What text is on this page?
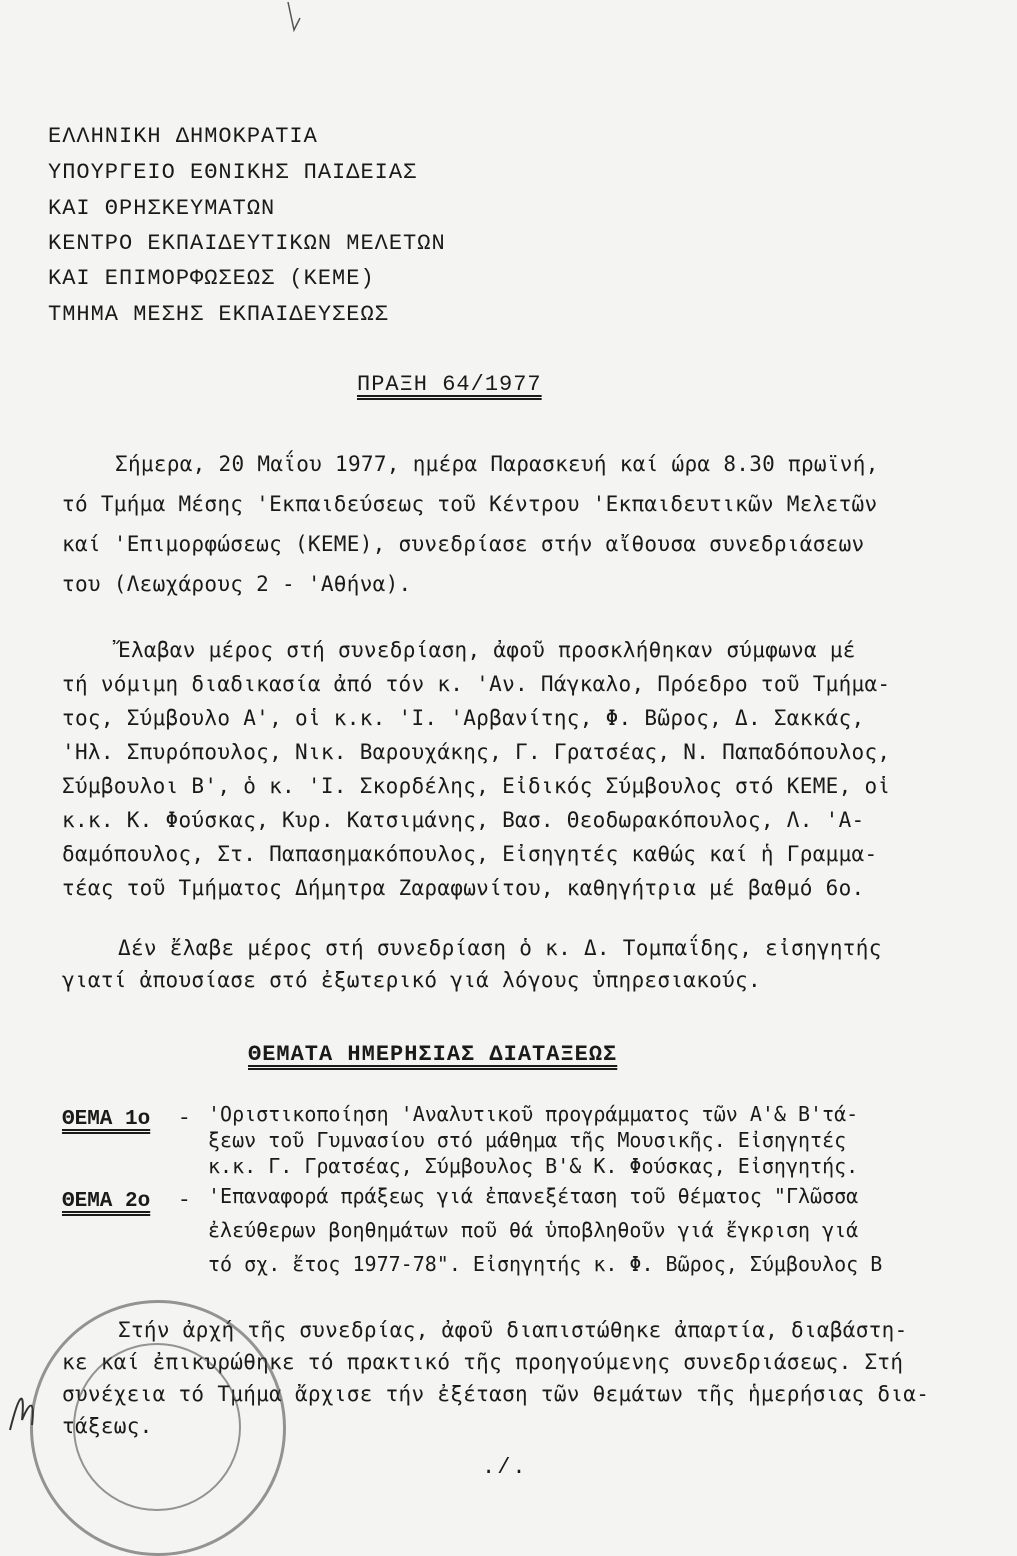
ΕΛΛΗΝΙΚΗ ΔΗΜΟΚΡΑΤΙΑ
ΥΠΟΥΡΓΕΙΟ ΕΘΝΙΚΗΣ ΠΑΙΔΕΙΑΣ
ΚΑΙ ΘΡΗΣΚΕΥΜΑΤΩΝ
ΚΕΝΤΡΟ ΕΚΠΑΙΔΕΥΤΙΚΩΝ ΜΕΛΕΤΩΝ
ΚΑΙ ΕΠΙΜΟΡΦΩΣΕΩΣ (ΚΕΜΕ)
ΤΜΗΜΑ ΜΕΣΗΣ ΕΚΠΑΙΔΕΥΣΕΩΣ
ΠΡΑΞΗ 64/1977
Σήμερα, 20 Μαΐου 1977, ημέρα Παρασκευή καί ώρα 8.30 πρωϊνή,
τό Τμήμα Μέσης 'Εκπαιδεύσεως τοῦ Κέντρου 'Εκπαιδευτικῶν Μελετῶν
καί 'Επιμορφώσεως (ΚΕΜΕ), συνεδρίασε στήν αἴθουσα συνεδριάσεων
του (Λεωχάρους 2 - 'Αθήνα).
Ἔλαβαν μέρος στή συνεδρίαση, ἀφοῦ προσκλήθηκαν σύμφωνα μέ
τή νόμιμη διαδικασία ἀπό τόν κ. 'Αν. Πάγκαλο, Πρόεδρο τοῦ Τμήμα-
τος, Σύμβουλο Α', οἱ κ.κ. 'Ι. 'Αρβανίτης, Φ. Βῶρος, Δ. Σακκάς,
'Ηλ. Σπυρόπουλος, Νικ. Βαρουχάκης, Γ. Γρατσέας, Ν. Παπαδόπουλος,
Σύμβουλοι Β', ὁ κ. 'Ι. Σκορδέλης, Εἰδικός Σύμβουλος στό ΚΕΜΕ, οἱ
κ.κ. Κ. Φούσκας, Κυρ. Κατσιμάνης, Βασ. Θεοδωρακόπουλος, Λ. 'Α-
δαμόπουλος, Στ. Παπασημακόπουλος, Εἰσηγητές καθώς καί ἡ Γραμμα-
τέας τοῦ Τμήματος Δήμητρα Ζαραφωνίτου, καθηγήτρια μέ βαθμό 6ο.
Δέν ἔλαβε μέρος στή συνεδρίαση ὁ κ. Δ. Τομπαΐδης, εἰσηγητής
γιατί ἀπουσίασε στό ἐξωτερικό γιά λόγους ὑπηρεσιακούς.
ΘΕΜΑΤΑ ΗΜΕΡΗΣΙΑΣ ΔΙΑΤΑΞΕΩΣ
ΘΕΜΑ 1ο - 'Οριστικοποίηση 'Αναλυτικοῦ προγράμματος τῶν Α'& Β'τά-
ξεων τοῦ Γυμνασίου στό μάθημα τῆς Μουσικῆς. Εἰσηγητές
κ.κ. Γ. Γρατσέας, Σύμβουλος Β'& Κ. Φούσκας, Εἰσηγητής.
ΘΕΜΑ 2ο - 'Επαναφορά πράξεως γιά ἐπανεξέταση τοῦ θέματος "Γλῶσσα
ἐλεύθερων βοηθημάτων ποῦ θά ὑποβληθοῦν γιά ἔγκριση γιά
τό σχ. ἔτος 1977-78". Εἰσηγητής κ. Φ. Βῶρος, Σύμβουλος Β
Στήν ἀρχή τῆς συνεδρίας, ἀφοῦ διαπιστώθηκε ἀπαρτία, διαβάστη-
κε καί ἐπικυρώθηκε τό πρακτικό τῆς προηγούμενης συνεδριάσεως. Στή
συνέχεια τό Τμήμα ἄρχισε τήν ἐξέταση τῶν θεμάτων τῆς ἡμερήσιας δια-
τάξεως.
./.
